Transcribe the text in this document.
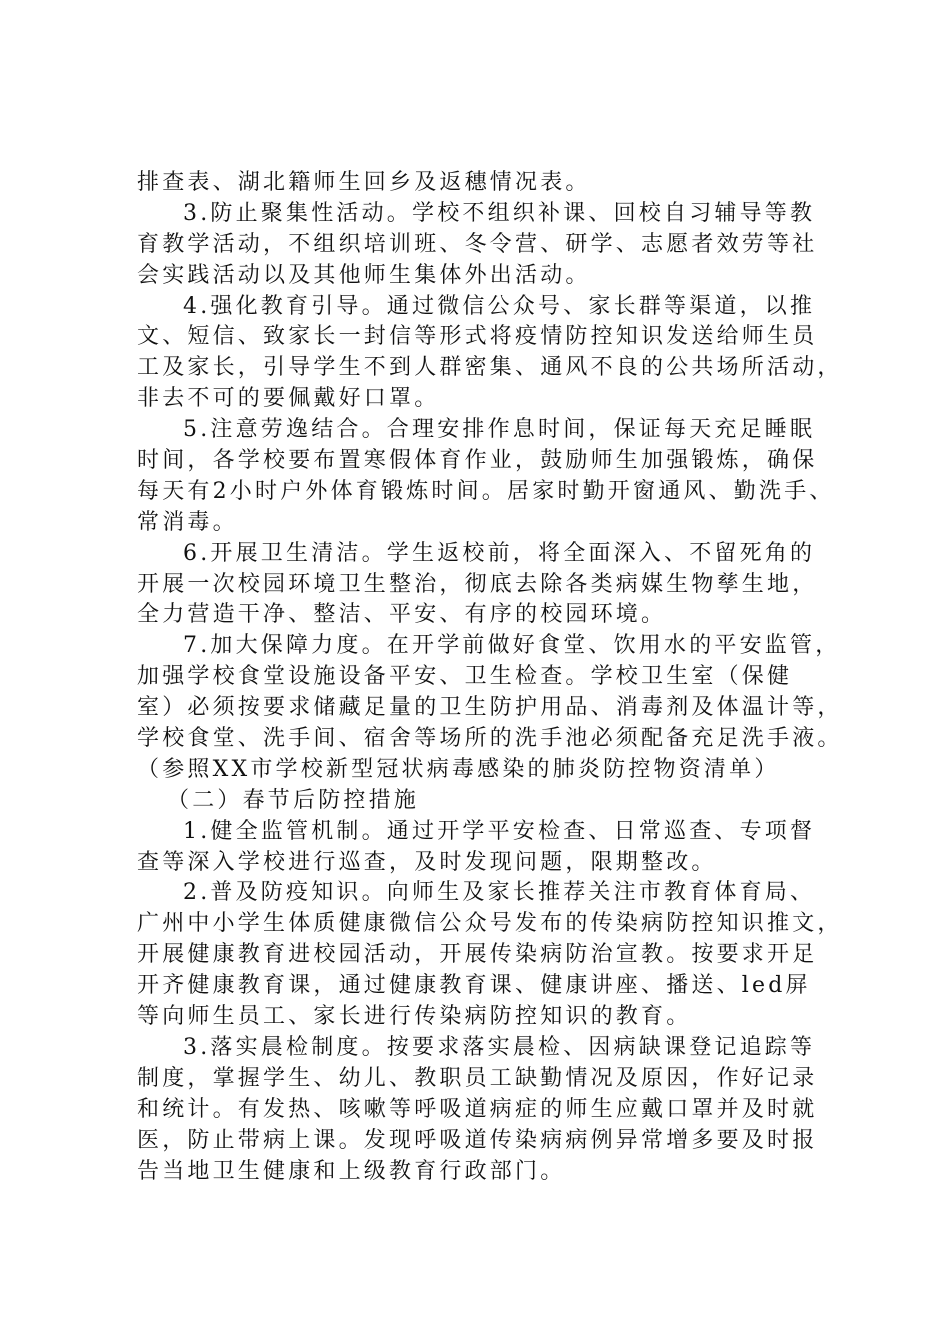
排查表、湖北籍师生回乡及返穗情况表。
3.防止聚集性活动。学校不组织补课、回校自习辅导等教
育教学活动，不组织培训班、冬令营、研学、志愿者效劳等社
会实践活动以及其他师生集体外出活动。
4.强化教育引导。通过微信公众号、家长群等渠道，以推
文、短信、致家长一封信等形式将疫情防控知识发送给师生员
工及家长，引导学生不到人群密集、通风不良的公共场所活动，
非去不可的要佩戴好口罩。
5.注意劳逸结合。合理安排作息时间，保证每天充足睡眠
时间，各学校要布置寒假体育作业，鼓励师生加强锻炼，确保
每天有2小时户外体育锻炼时间。居家时勤开窗通风、勤洗手、
常消毒。
6.开展卫生清洁。学生返校前，将全面深入、不留死角的
开展一次校园环境卫生整治，彻底去除各类病媒生物孳生地，
全力营造干净、整洁、平安、有序的校园环境。
7.加大保障力度。在开学前做好食堂、饮用水的平安监管，
加强学校食堂设施设备平安、卫生检查。学校卫生室（保健
室）必须按要求储藏足量的卫生防护用品、消毒剂及体温计等，
学校食堂、洗手间、宿舍等场所的洗手池必须配备充足洗手液。
（参照XX市学校新型冠状病毒感染的肺炎防控物资清单）
（二）春节后防控措施
1.健全监管机制。通过开学平安检查、日常巡查、专项督
查等深入学校进行巡查，及时发现问题，限期整改。
2.普及防疫知识。向师生及家长推荐关注市教育体育局、
广州中小学生体质健康微信公众号发布的传染病防控知识推文，
开展健康教育进校园活动，开展传染病防治宣教。按要求开足
开齐健康教育课，通过健康教育课、健康讲座、播送、led屏
等向师生员工、家长进行传染病防控知识的教育。
3.落实晨检制度。按要求落实晨检、因病缺课登记追踪等
制度，掌握学生、幼儿、教职员工缺勤情况及原因，作好记录
和统计。有发热、咳嗽等呼吸道病症的师生应戴口罩并及时就
医，防止带病上课。发现呼吸道传染病病例异常增多要及时报
告当地卫生健康和上级教育行政部门。
